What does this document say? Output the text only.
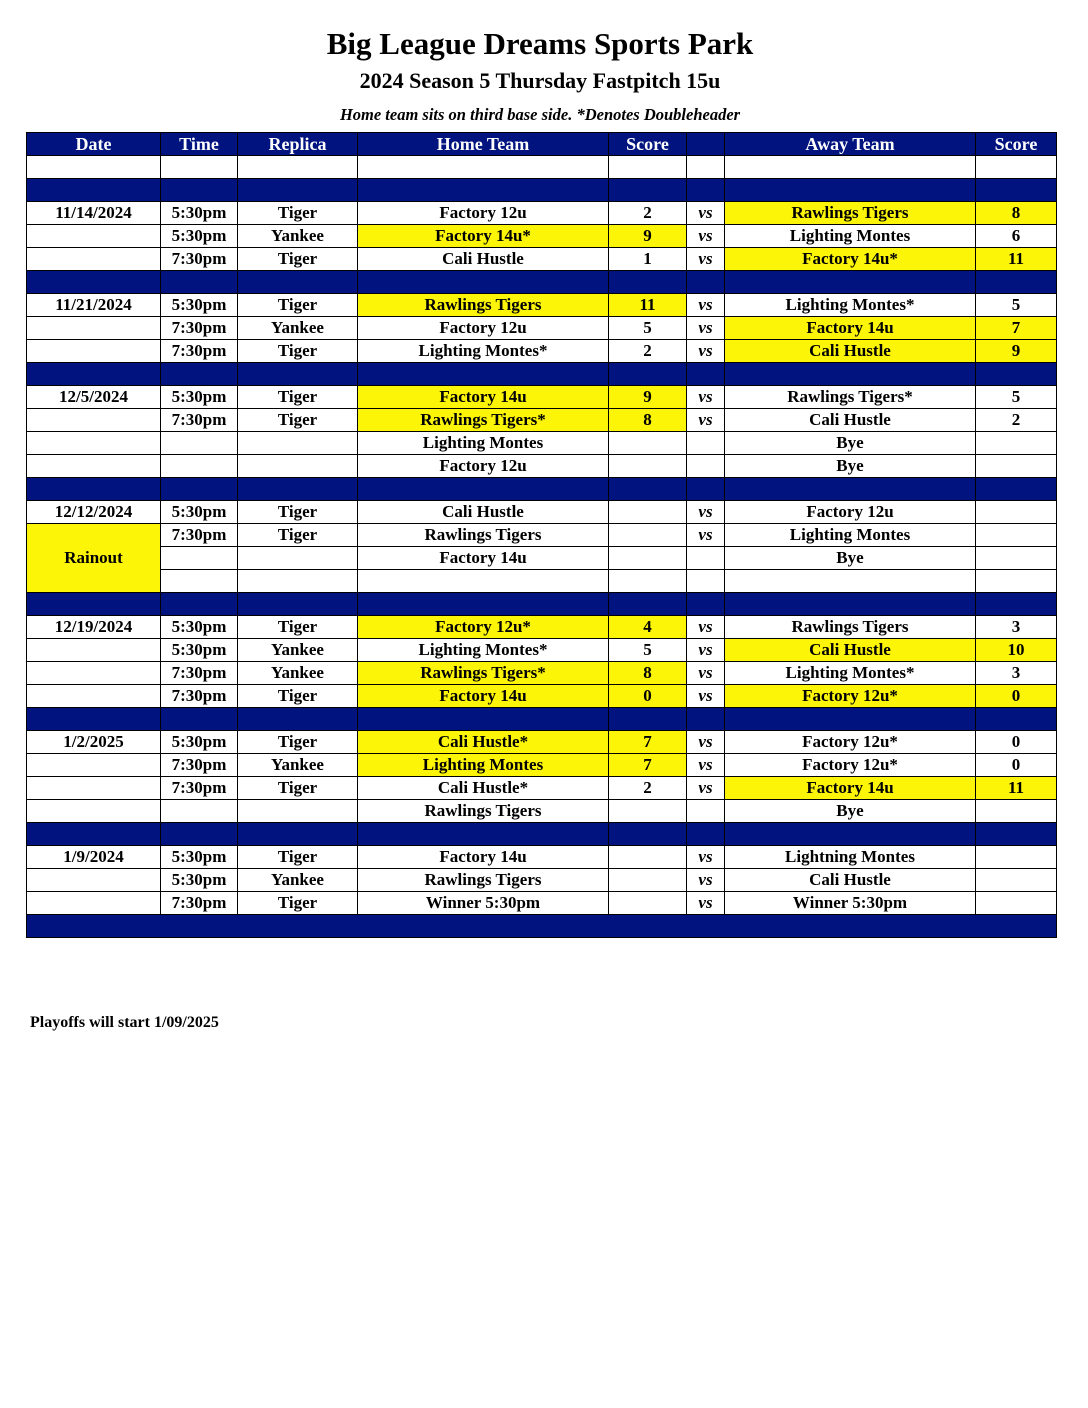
Big League Dreams Sports Park
2024 Season 5 Thursday Fastpitch 15u
Home team sits on third base side. *Denotes Doubleheader
Date	Time	Replica	Home Team	Score		Away Team	Score

11/14/2024	5:30pm	Tiger	Factory 12u	2	vs	Rawlings Tigers	8
	5:30pm	Yankee	Factory 14u*	9	vs	Lighting Montes	6
	7:30pm	Tiger	Cali Hustle	1	vs	Factory 14u*	11

11/21/2024	5:30pm	Tiger	Rawlings Tigers	11	vs	Lighting Montes*	5
	7:30pm	Yankee	Factory 12u	5	vs	Factory 14u	7
	7:30pm	Tiger	Lighting Montes*	2	vs	Cali Hustle	9

12/5/2024	5:30pm	Tiger	Factory 14u	9	vs	Rawlings Tigers*	5
	7:30pm	Tiger	Rawlings Tigers*	8	vs	Cali Hustle	2
			Lighting Montes			Bye	
			Factory 12u			Bye	

12/12/2024	5:30pm	Tiger	Cali Hustle		vs	Factory 12u	
Rainout	7:30pm	Tiger	Rawlings Tigers		vs	Lighting Montes	
			Factory 14u			Bye	

12/19/2024	5:30pm	Tiger	Factory 12u*	4	vs	Rawlings Tigers	3
	5:30pm	Yankee	Lighting Montes*	5	vs	Cali Hustle	10
	7:30pm	Yankee	Rawlings Tigers*	8	vs	Lighting Montes*	3
	7:30pm	Tiger	Factory 14u	0	vs	Factory 12u*	0

1/2/2025	5:30pm	Tiger	Cali Hustle*	7	vs	Factory 12u*	0
	7:30pm	Yankee	Lighting Montes	7	vs	Factory 12u*	0
	7:30pm	Tiger	Cali Hustle*	2	vs	Factory 14u	11
			Rawlings Tigers			Bye	

1/9/2024	5:30pm	Tiger	Factory 14u		vs	Lightning Montes	
	5:30pm	Yankee	Rawlings Tigers		vs	Cali Hustle	
	7:30pm	Tiger	Winner 5:30pm		vs	Winner 5:30pm	

Playoffs will start 1/09/2025
